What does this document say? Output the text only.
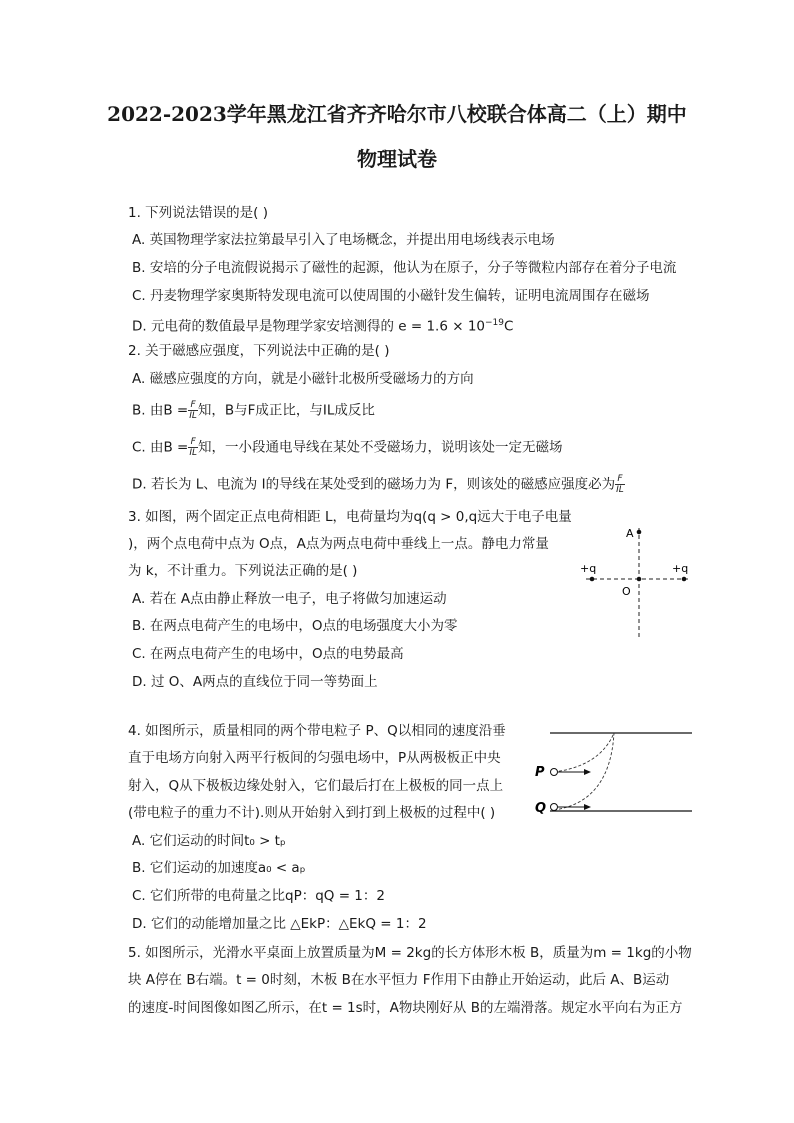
2022-2023学年黑龙江省齐齐哈尔市八校联合体高二（上）期中
物理试卷
1. 下列说法错误的是( )
A. 英国物理学家法拉第最早引入了电场概念，并提出用电场线表示电场
B. 安培的分子电流假说揭示了磁性的起源，他认为在原子，分子等微粒内部存在着分子电流
C. 丹麦物理学家奥斯特发现电流可以使周围的小磁针发生偏转，证明电流周围存在磁场
D. 元电荷的数值最早是物理学家安培测得的 $e = 1.6 \times 10^{-19}C$
2. 关于磁感应强度，下列说法中正确的是( )
A. 磁感应强度的方向，就是小磁针北极所受磁场力的方向
B. 由$B = \frac{F}{IL}$ 知，B与F成正比，与IL成反比
C. 由$B = \frac{F}{IL}$ 知，一小段通电导线在某处不受磁场力，说明该处一定无磁场
D. 若长为 L、电流为 I的导线在某处受到的磁场力为 F，则该处的磁感应强度必为 $\frac{F}{IL}$
3. 如图，两个固定正点电荷相距 L，电荷量均为q(q > 0,q远大于电子电量
)，两个点电荷中点为 O点，A点为两点电荷中垂线上一点。静电力常量
为 k，不计重力。下列说法正确的是( )
A. 若在 A点由静止释放一电子，电子将做匀加速运动
B. 在两点电荷产生的电场中，O点的电场强度大小为零
C. 在两点电荷产生的电场中，O点的电势最高
D. 过 O、A两点的直线位于同一等势面上
A
O
+q	+q
4. 如图所示，质量相同的两个带电粒子 P、Q以相同的速度沿垂
直于电场方向射入两平行板间的匀强电场中，P从两极板正中央
射入，Q从下极板边缘处射入，它们最后打在上极板的同一点上
(带电粒子的重力不计).则从开始射入到打到上极板的过程中( )
A. 它们运动的时间t₀ > tₚ
B. 它们运动的加速度a₀ < aₚ
C. 它们所带的电荷量之比qP：qQ = 1：2
D. 它们的动能增加量之比 △EkP：△EkQ = 1：2
P
Q
5. 如图所示，光滑水平桌面上放置质量为M = 2kg的长方体形木板 B，质量为m = 1kg的小物
块 A停在 B右端。t = 0时刻，木板 B在水平恒力 F作用下由静止开始运动，此后 A、B运动
的速度-时间图像如图乙所示，在t = 1s时，A物块刚好从 B的左端滑落。规定水平向右为正方
